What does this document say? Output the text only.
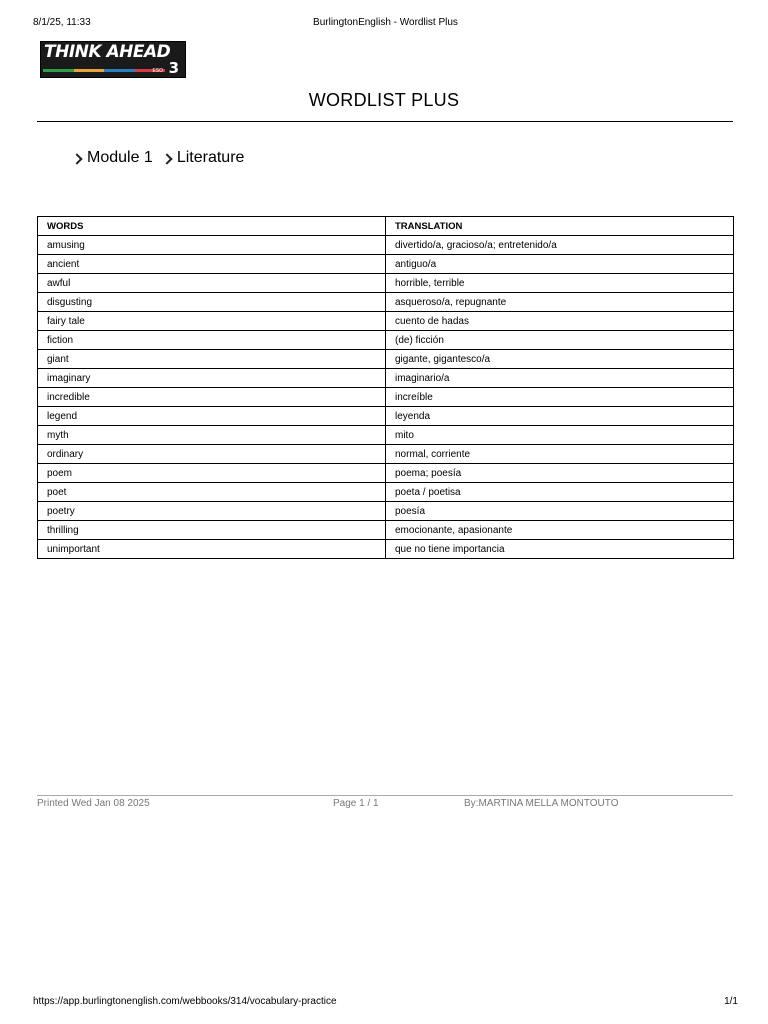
8/1/25, 11:33	BurlingtonEnglish - Wordlist Plus
THINK AHEAD
ESO 3
WORDLIST PLUS
Module 1 Literature
WORDS	TRANSLATION
amusing	divertido/a, gracioso/a; entretenido/a
ancient	antiguo/a
awful	horrible, terrible
disgusting	asqueroso/a, repugnante
fairy tale	cuento de hadas
fiction	(de) ficción
giant	gigante, gigantesco/a
imaginary	imaginario/a
incredible	increíble
legend	leyenda
myth	mito
ordinary	normal, corriente
poem	poema; poesía
poet	poeta / poetisa
poetry	poesía
thrilling	emocionante, apasionante
unimportant	que no tiene importancia
Printed Wed Jan 08 2025	Page 1 / 1	By:MARTINA MELLA MONTOUTO
https://app.burlingtonenglish.com/webbooks/314/vocabulary-practice	1/1
